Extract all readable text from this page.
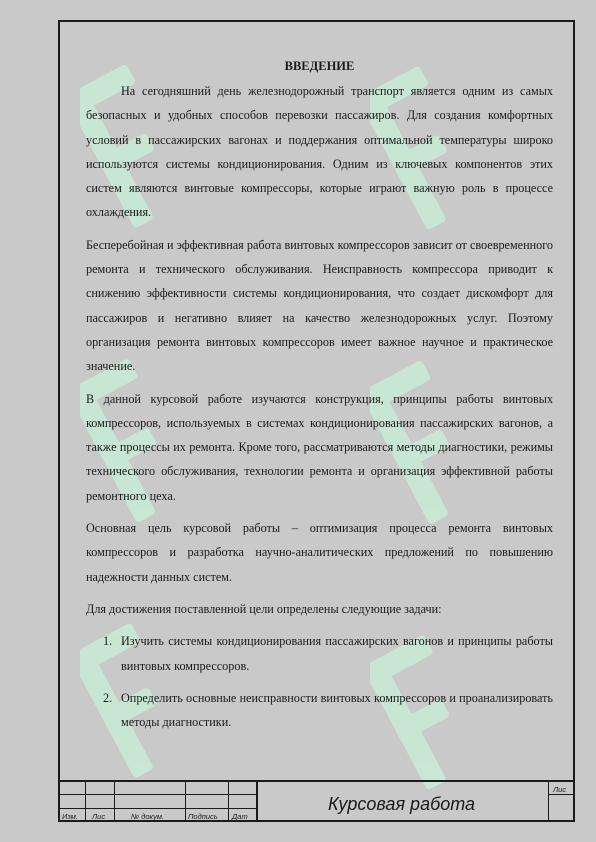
ВВЕДЕНИЕ

На сегодняшний день железнодорожный транспорт является одним из самых безопасных и удобных способов перевозки пассажиров. Для создания комфортных условий в пассажирских вагонах и поддержания оптимальной температуры широко используются системы кондиционирования. Одним из ключевых компонентов этих систем являются винтовые компрессоры, которые играют важную роль в процессе охлаждения.

Бесперебойная и эффективная работа винтовых компрессоров зависит от своевременного ремонта и технического обслуживания. Неисправность компрессора приводит к снижению эффективности системы кондиционирования, что создает дискомфорт для пассажиров и негативно влияет на качество железнодорожных услуг. Поэтому организация ремонта винтовых компрессоров имеет важное научное и практическое значение.

В данной курсовой работе изучаются конструкция, принципы работы винтовых компрессоров, используемых в системах кондиционирования пассажирских вагонов, а также процессы их ремонта. Кроме того, рассматриваются методы диагностики, режимы технического обслуживания, технологии ремонта и организация эффективной работы ремонтного цеха.

Основная цель курсовой работы – оптимизация процесса ремонта винтовых компрессоров и разработка научно-аналитических предложений по повышению надежности данных систем.

Для достижения поставленной цели определены следующие задачи:

1. Изучить системы кондиционирования пассажирских вагонов и принципы работы винтовых компрессоров.
2. Определить основные неисправности винтовых компрессоров и проанализировать методы диагностики.
Изм. Лис	№ докум.	Подпись Дат
Курсовая работа
Лис
